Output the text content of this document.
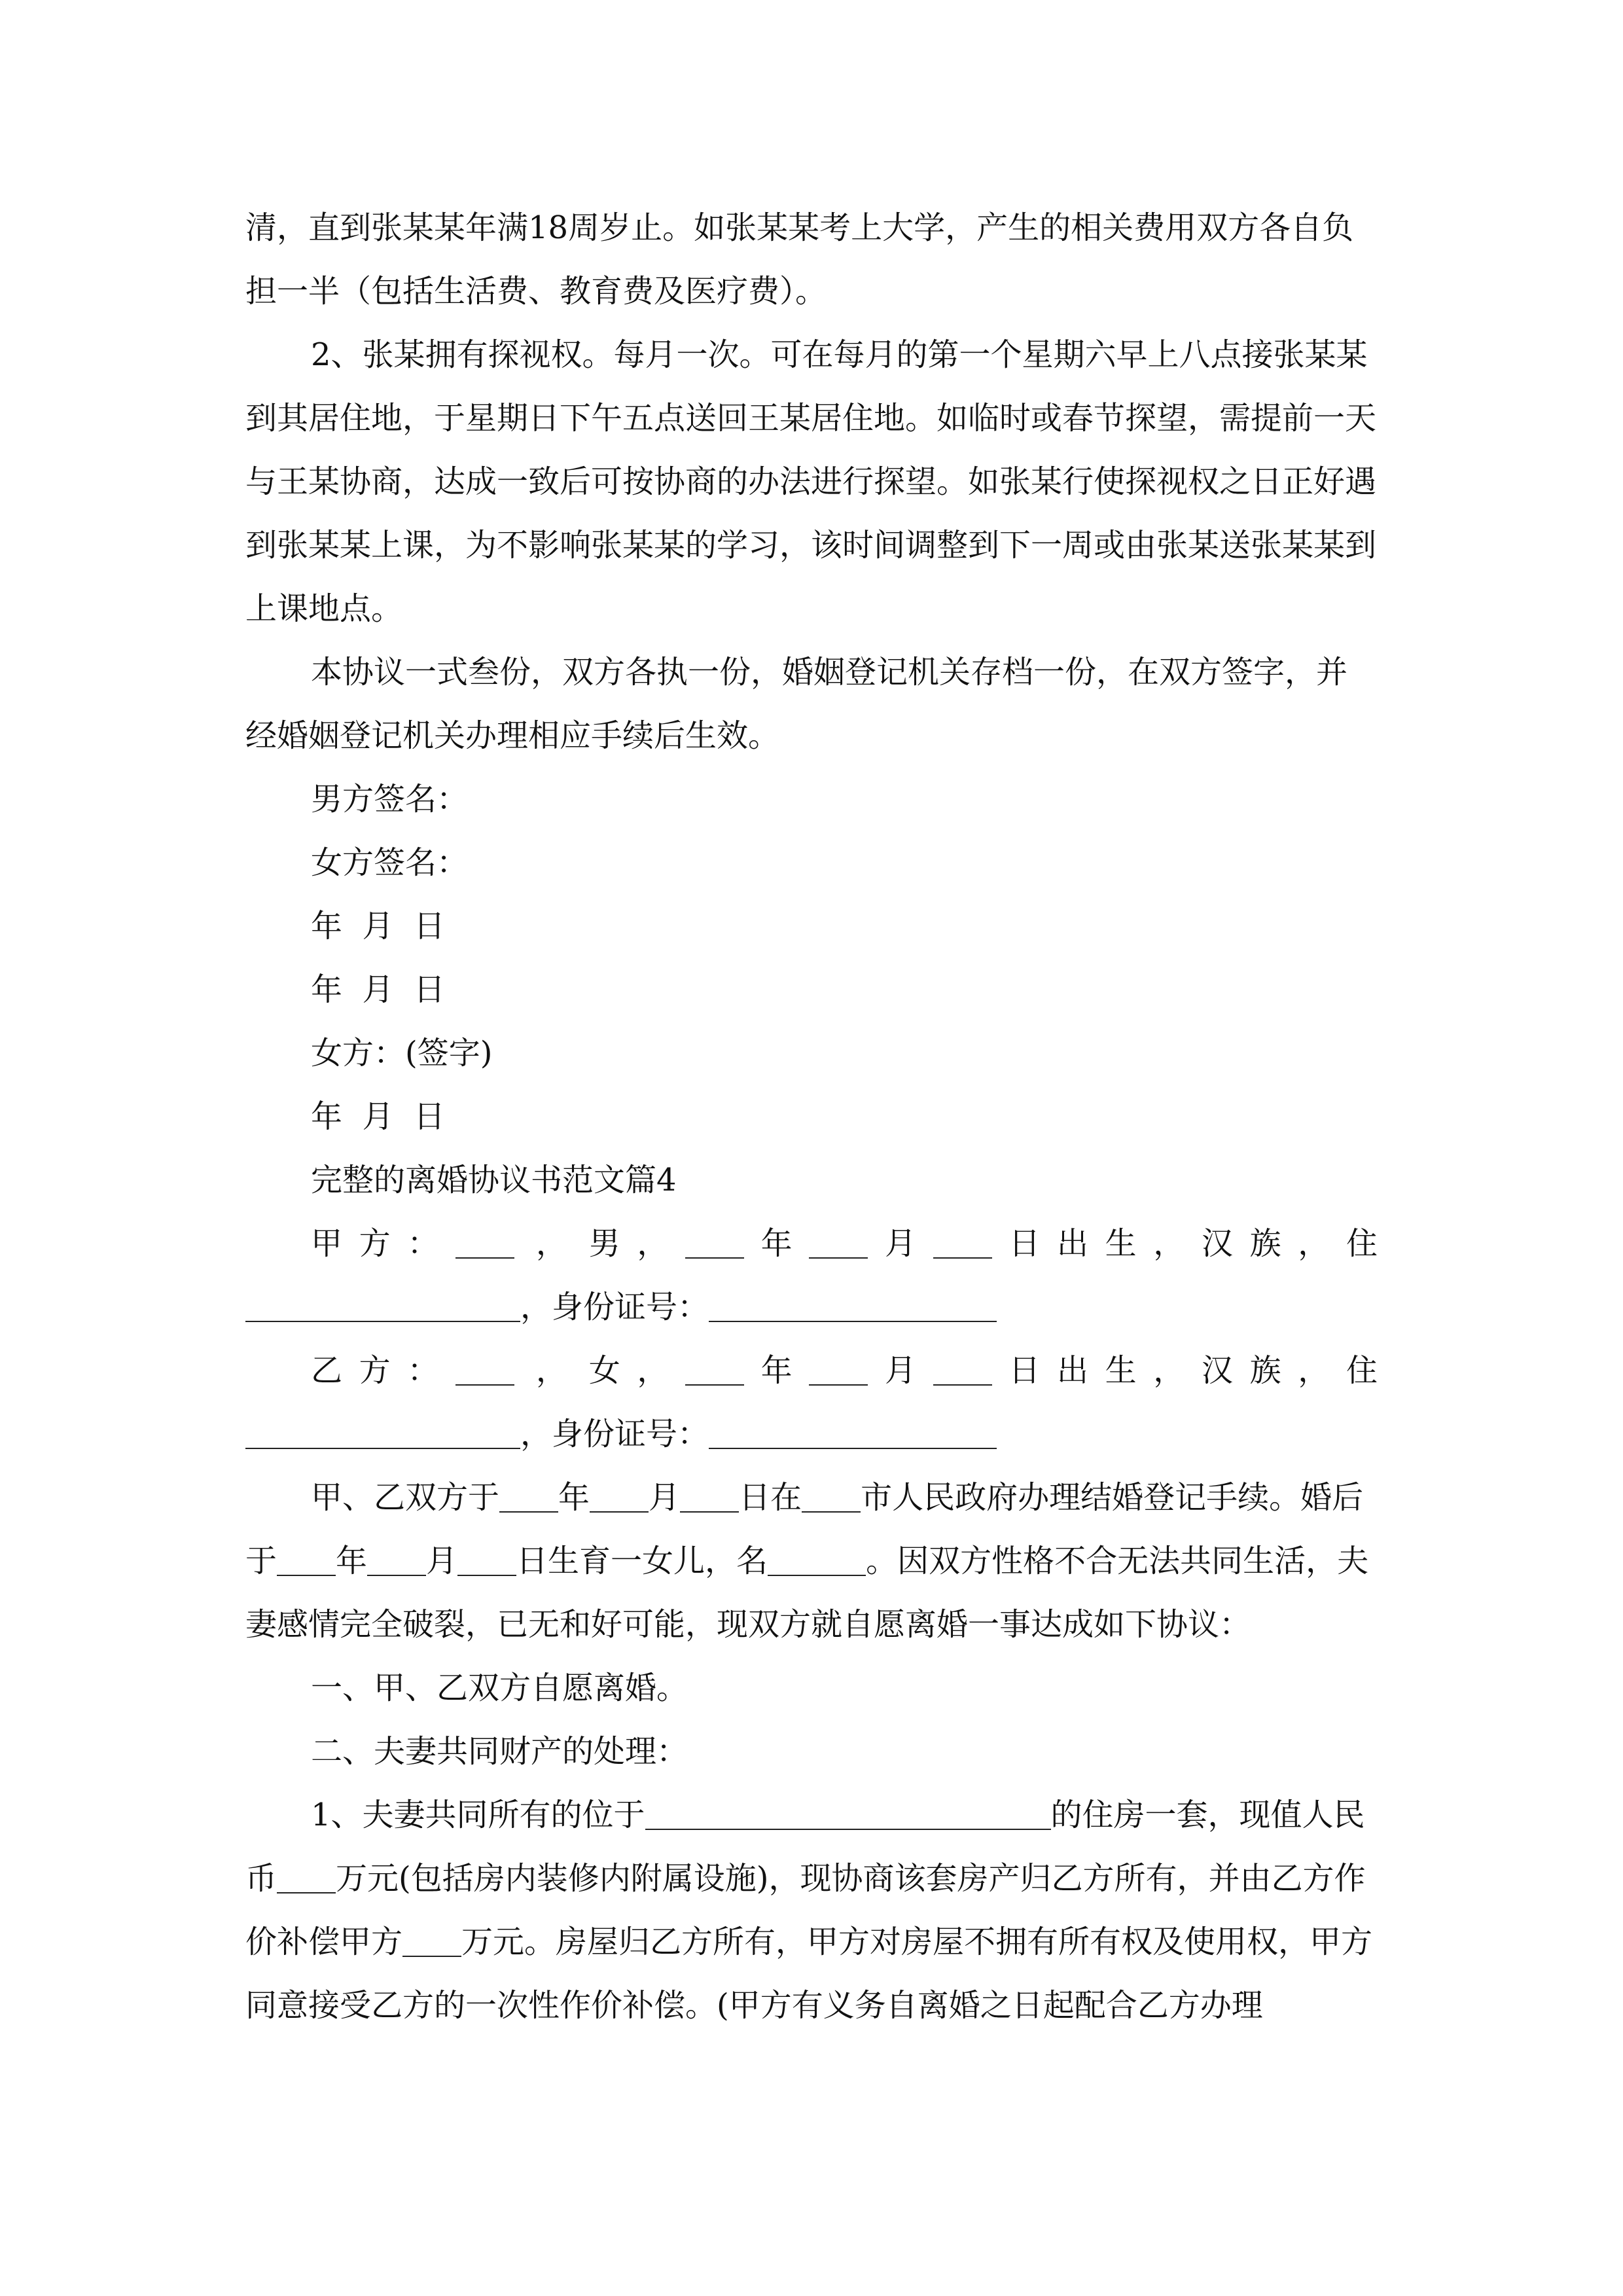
清，直到张某某年满18周岁止。如张某某考上大学，产生的相关费用双方各自负担一半（包括生活费、教育费及医疗费）。

2、张某拥有探视权。每月一次。可在每月的第一个星期六早上八点接张某某到其居住地，于星期日下午五点送回王某居住地。如临时或春节探望，需提前一天与王某协商，达成一致后可按协商的办法进行探望。如张某行使探视权之日正好遇到张某某上课，为不影响张某某的学习，该时间调整到下一周或由张某送张某某到上课地点。

本协议一式叁份，双方各执一份，婚姻登记机关存档一份，在双方签字，并经婚姻登记机关办理相应手续后生效。

男方签名：

女方签名：

年  月  日

年  月  日

女方：(签字)

年  月  日

完整的离婚协议书范文篇4

甲方： ， 男， 年 月 日出生，汉族，住

，身份证号：

乙方： ， 女， 年 月 日出生，汉族，住

，身份证号：

甲、乙双方于 年 月 日在 市人民政府办理结婚登记手续。婚后于 年 月 日生育一女儿，名	。因双方性格不合无法共同生活，夫妻感情完全破裂，已无和好可能，现双方就自愿离婚一事达成如下协议：

一、甲、乙双方自愿离婚。

二、夫妻共同财产的处理：

1、夫妻共同所有的位于	的住房一套，现值人民币 万元(包括房内装修内附属设施)，现协商该套房产归乙方所有，并由乙方作价补偿甲方 万元。房屋归乙方所有，甲方对房屋不拥有所有权及使用权，甲方同意接受乙方的一次性作价补偿。(甲方有义务自离婚之日起配合乙方办理
